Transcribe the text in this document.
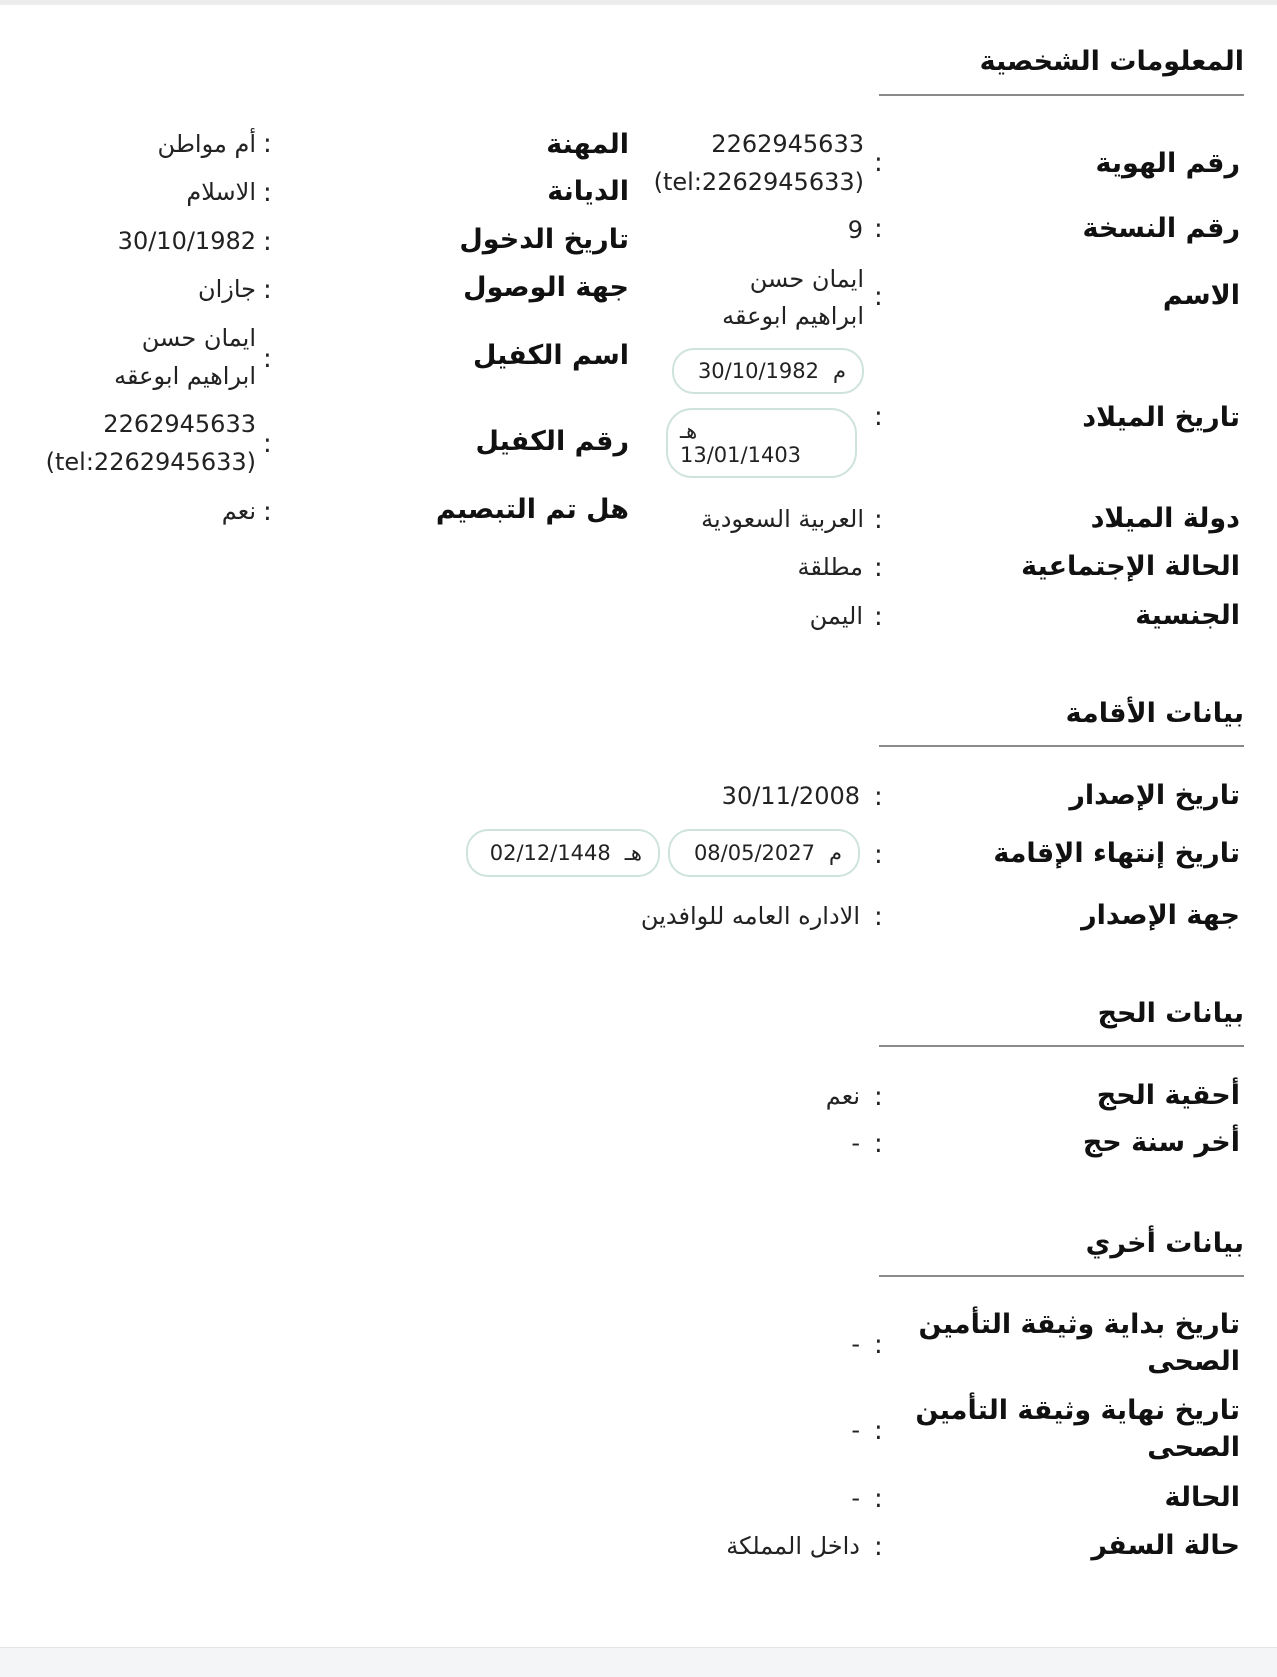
المعلومات الشخصية
رقم الهوية
:
2262945633
(tel:2262945633)
رقم النسخة
:
9
الاسم
:
ايمان حسن
ابراهيم ابوعقه
م
30/10/1982
تاريخ الميلاد
:
هـ
13/01/1403
دولة الميلاد
:
العربية السعودية
الحالة الإجتماعية
:
مطلقة
الجنسية
:
اليمن
المهنة
:
أم مواطن
الديانة
:
الاسلام
تاريخ الدخول
:
30/10/1982
جهة الوصول
:
جازان
اسم الكفيل
:
ايمان حسن
ابراهيم ابوعقه
رقم الكفيل
:
2262945633
(tel:2262945633)
هل تم التبصيم
:
نعم
بيانات الأقامة
تاريخ الإصدار
:
30/11/2008
تاريخ إنتهاء الإقامة
:
م
08/05/2027
هـ
02/12/1448
جهة الإصدار
:
الاداره العامه للوافدين
بيانات الحج
أحقية الحج
:
نعم
أخر سنة حج
:
-
بيانات أخري
تاريخ بداية وثيقة التأمين
الصحى
:
-
تاريخ نهاية وثيقة التأمين
الصحى
:
-
الحالة
:
-
حالة السفر
:
داخل المملكة
